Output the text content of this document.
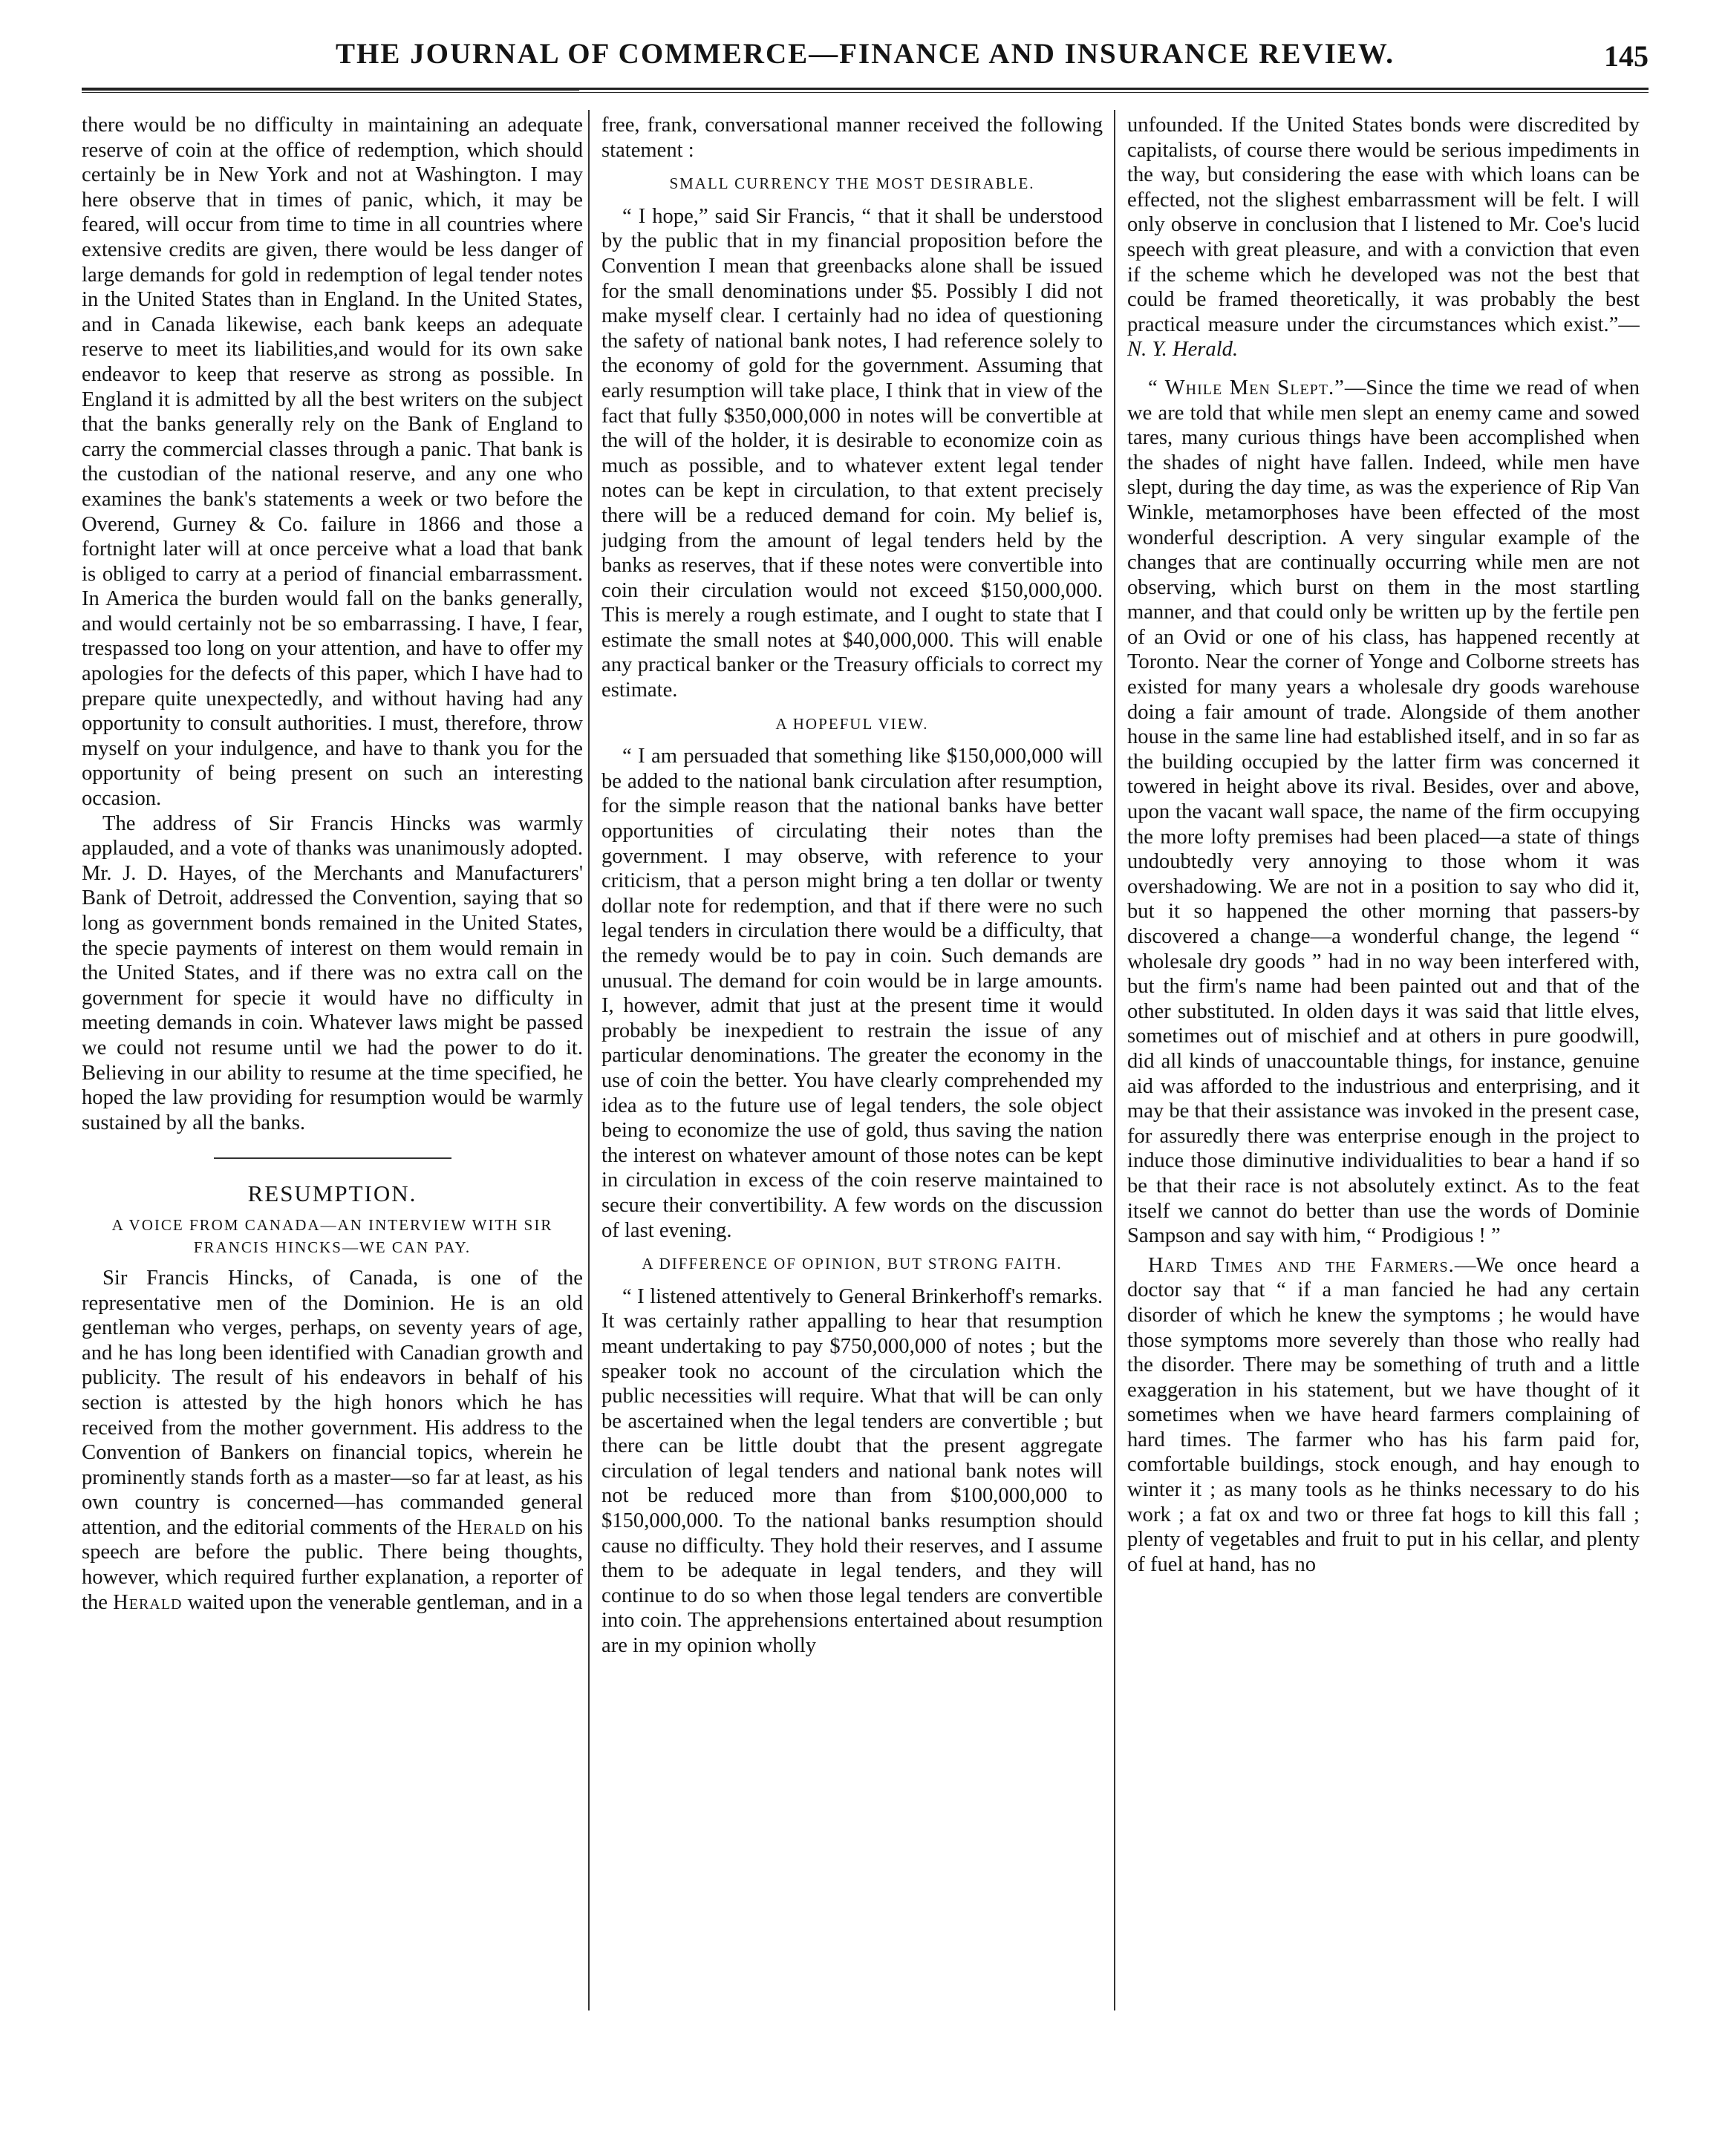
THE JOURNAL OF COMMERCE—FINANCE AND INSURANCE REVIEW.	145

there would be no difficulty in maintaining an adequate reserve of coin at the office of redemption, which should certainly be in New York and not at Washington. I may here observe that in times of panic, which, it may be feared, will occur from time to time in all countries where extensive credits are given, there would be less danger of large demands for gold in redemption of legal tender notes in the United States than in England. In the United States, and in Canada likewise, each bank keeps an adequate reserve to meet its liabilities,and would for its own sake endeavor to keep that reserve as strong as possible. In England it is admitted by all the best writers on the subject that the banks generally rely on the Bank of England to carry the commercial classes through a panic. That bank is the custodian of the national reserve, and any one who examines the bank's statements a week or two before the Overend, Gurney & Co. failure in 1866 and those a fortnight later will at once perceive what a load that bank is obliged to carry at a period of financial embarrassment. In America the burden would fall on the banks generally, and would certainly not be so embarrassing. I have, I fear, trespassed too long on your attention, and have to offer my apologies for the defects of this paper, which I have had to prepare quite unexpectedly, and without having had any opportunity to consult authorities. I must, therefore, throw myself on your indulgence, and have to thank you for the opportunity of being present on such an interesting occasion.

The address of Sir Francis Hincks was warmly applauded, and a vote of thanks was unanimously adopted. Mr. J. D. Hayes, of the Merchants and Manufacturers' Bank of Detroit, addressed the Convention, saying that so long as government bonds remained in the United States, the specie payments of interest on them would remain in the United States, and if there was no extra call on the government for specie it would have no difficulty in meeting demands in coin. Whatever laws might be passed we could not resume until we had the power to do it. Believing in our ability to resume at the time specified, he hoped the law providing for resumption would be warmly sustained by all the banks.

RESUMPTION.
A VOICE FROM CANADA—AN INTERVIEW WITH SIR FRANCIS HINCKS—WE CAN PAY.

Sir Francis Hincks, of Canada, is one of the representative men of the Dominion. He is an old gentleman who verges, perhaps, on seventy years of age, and he has long been identified with Canadian growth and publicity. The result of his endeavors in behalf of his section is attested by the high honors which he has received from the mother government. His address to the Convention of Bankers on financial topics, wherein he prominently stands forth as a master—so far at least, as his own country is concerned—has commanded general attention, and the editorial comments of the Herald on his speech are before the public. There being thoughts, however, which required further explanation, a reporter of the Herald waited upon the venerable gentleman, and in a

free, frank, conversational manner received the following statement :

SMALL CURRENCY THE MOST DESIRABLE.

“ I hope,” said Sir Francis, “ that it shall be understood by the public that in my financial proposition before the Convention I mean that greenbacks alone shall be issued for the small denominations under $5. Possibly I did not make myself clear. I certainly had no idea of questioning the safety of national bank notes, I had reference solely to the economy of gold for the government. Assuming that early resumption will take place, I think that in view of the fact that fully $350,000,000 in notes will be convertible at the will of the holder, it is desirable to economize coin as much as possible, and to whatever extent legal tender notes can be kept in circulation, to that extent precisely there will be a reduced demand for coin. My belief is, judging from the amount of legal tenders held by the banks as reserves, that if these notes were convertible into coin their circulation would not exceed $150,000,000. This is merely a rough estimate, and I ought to state that I estimate the small notes at $40,000,000. This will enable any practical banker or the Treasury officials to correct my estimate.

A HOPEFUL VIEW.

“ I am persuaded that something like $150,000,000 will be added to the national bank circulation after resumption, for the simple reason that the national banks have better opportunities of circulating their notes than the government. I may observe, with reference to your criticism, that a person might bring a ten dollar or twenty dollar note for redemption, and that if there were no such legal tenders in circulation there would be a difficulty, that the remedy would be to pay in coin. Such demands are unusual. The demand for coin would be in large amounts. I, however, admit that just at the present time it would probably be inexpedient to restrain the issue of any particular denominations. The greater the economy in the use of coin the better. You have clearly comprehended my idea as to the future use of legal tenders, the sole object being to economize the use of gold, thus saving the nation the interest on whatever amount of those notes can be kept in circulation in excess of the coin reserve maintained to secure their convertibility. A few words on the discussion of last evening.

A DIFFERENCE OF OPINION, BUT STRONG FAITH.

“ I listened attentively to General Brinkerhoff's remarks. It was certainly rather appalling to hear that resumption meant undertaking to pay $750,000,000 of notes ; but the speaker took no account of the circulation which the public necessities will require. What that will be can only be ascertained when the legal tenders are convertible ; but there can be little doubt that the present aggregate circulation of legal tenders and national bank notes will not be reduced more than from $100,000,000 to $150,000,000. To the national banks resumption should cause no difficulty. They hold their reserves, and I assume them to be adequate in legal tenders, and they will continue to do so when those legal tenders are convertible into coin. The apprehensions entertained about resumption are in my opinion wholly

unfounded. If the United States bonds were discredited by capitalists, of course there would be serious impediments in the way, but considering the ease with which loans can be effected, not the slighest embarrassment will be felt. I will only observe in conclusion that I listened to Mr. Coe's lucid speech with great pleasure, and with a conviction that even if the scheme which he developed was not the best that could be framed theoretically, it was probably the best practical measure under the circumstances which exist.”—N. Y. Herald.

“ While Men Slept.”—Since the time we read of when we are told that while men slept an enemy came and sowed tares, many curious things have been accomplished when the shades of night have fallen. Indeed, while men have slept, during the day time, as was the experience of Rip Van Winkle, metamorphoses have been effected of the most wonderful description. A very singular example of the changes that are continually occurring while men are not observing, which burst on them in the most startling manner, and that could only be written up by the fertile pen of an Ovid or one of his class, has happened recently at Toronto. Near the corner of Yonge and Colborne streets has existed for many years a wholesale dry goods warehouse doing a fair amount of trade. Alongside of them another house in the same line had established itself, and in so far as the building occupied by the latter firm was concerned it towered in height above its rival. Besides, over and above, upon the vacant wall space, the name of the firm occupying the more lofty premises had been placed—a state of things undoubtedly very annoying to those whom it was overshadowing. We are not in a position to say who did it, but it so happened the other morning that passers-by discovered a change—a wonderful change, the legend “ wholesale dry goods ” had in no way been interfered with, but the firm's name had been painted out and that of the other substituted. In olden days it was said that little elves, sometimes out of mischief and at others in pure goodwill, did all kinds of unaccountable things, for instance, genuine aid was afforded to the industrious and enterprising, and it may be that their assistance was invoked in the present case, for assuredly there was enterprise enough in the project to induce those diminutive individualities to bear a hand if so be that their race is not absolutely extinct. As to the feat itself we cannot do better than use the words of Dominie Sampson and say with him, “ Prodigious ! ”

Hard Times and the Farmers.—We once heard a doctor say that “ if a man fancied he had any certain disorder of which he knew the symptoms ; he would have those symptoms more severely than those who really had the disorder. There may be something of truth and a little exaggeration in his statement, but we have thought of it sometimes when we have heard farmers complaining of hard times. The farmer who has his farm paid for, comfortable buildings, stock enough, and hay enough to winter it ; as many tools as he thinks necessary to do his work ; a fat ox and two or three fat hogs to kill this fall ; plenty of vegetables and fruit to put in his cellar, and plenty of fuel at hand, has no
